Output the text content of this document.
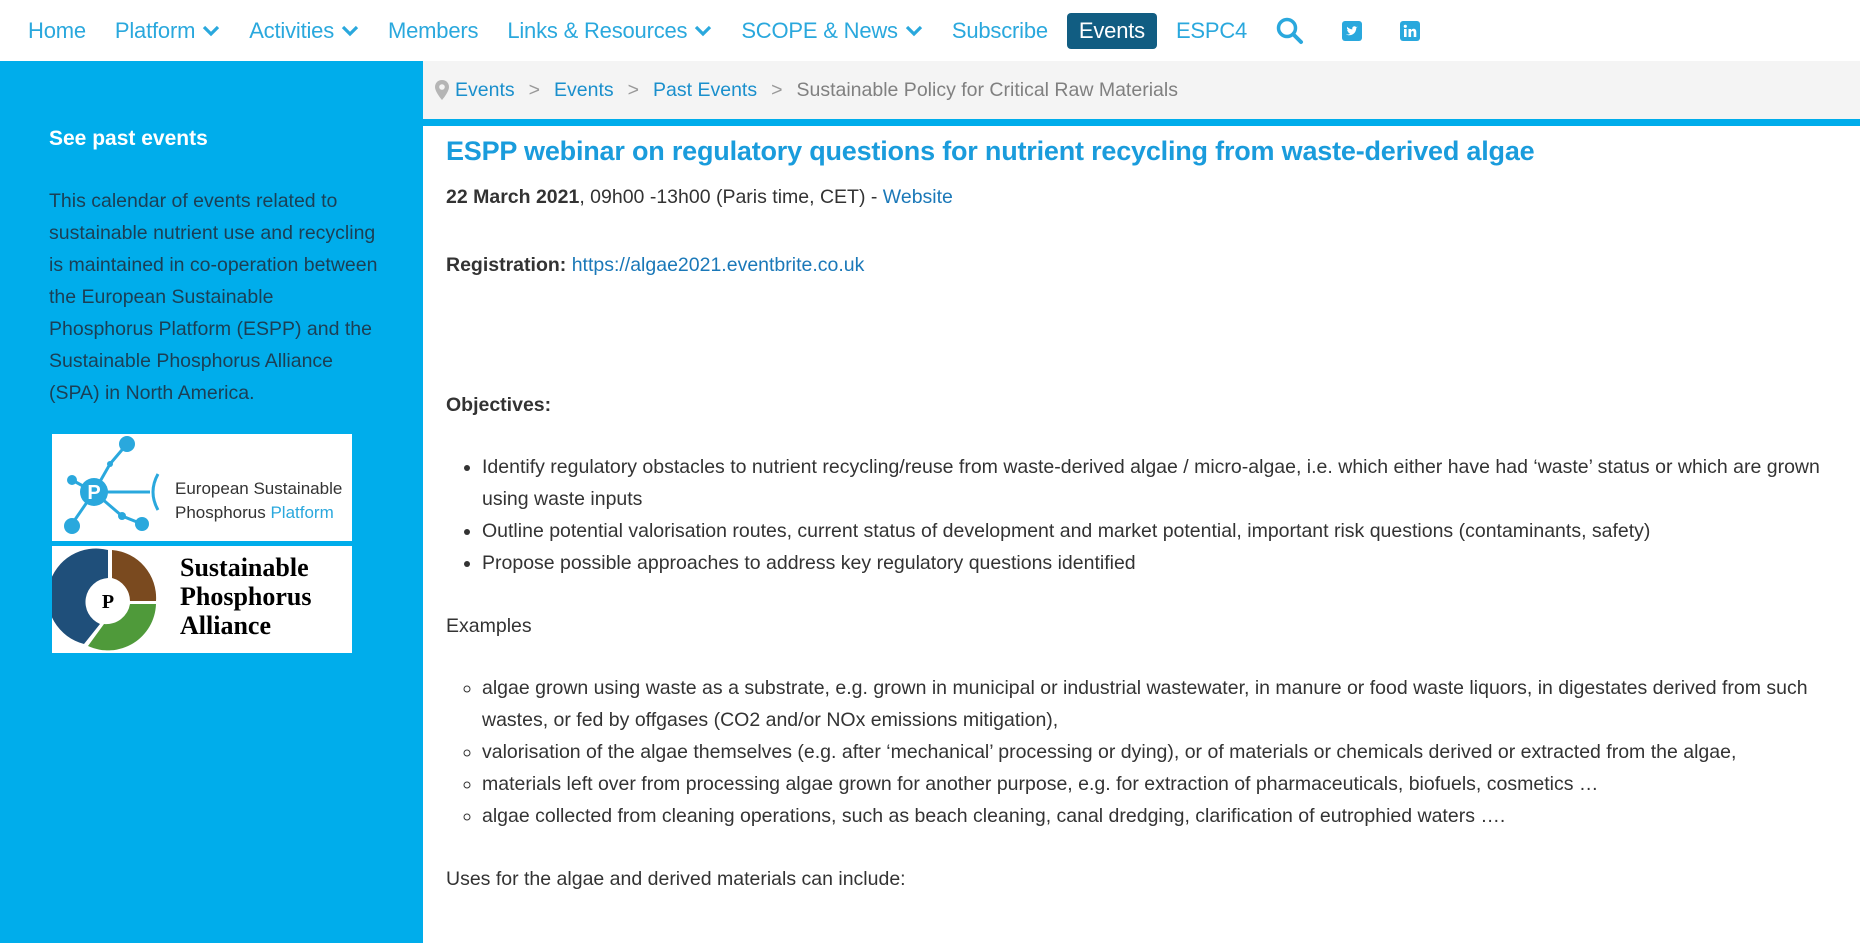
Home Platform Activities Members Links & Resources SCOPE & News Subscribe Events ESPC4
See past events

This calendar of events related to sustainable nutrient use and recycling is maintained in co-operation between the European Sustainable Phosphorus Platform (ESPP) and the Sustainable Phosphorus Alliance (SPA) in North America.

P	European Sustainable
Phosphorus Platform
P
Sustainable
Phosphorus
Alliance
Events > Events > Past Events > Sustainable Policy for Critical Raw Materials
ESPP webinar on regulatory questions for nutrient recycling from waste-derived algae

22 March 2021, 09h00 -13h00 (Paris time, CET) - Website

Registration: https://algae2021.eventbrite.co.uk

Objectives:

• Identify regulatory obstacles to nutrient recycling/reuse from waste-derived algae / micro-algae, i.e. which either have had ‘waste’ status or which are grown using waste inputs
• Outline potential valorisation routes, current status of development and market potential, important risk questions (contaminants, safety)
• Propose possible approaches to address key regulatory questions identified

Examples

◦ algae grown using waste as a substrate, e.g. grown in municipal or industrial wastewater, in manure or food waste liquors, in digestates derived from such wastes, or fed by offgases (CO2 and/or NOx emissions mitigation),
◦ valorisation of the algae themselves (e.g. after ‘mechanical’ processing or dying), or of materials or chemicals derived or extracted from the algae,
◦ materials left over from processing algae grown for another purpose, e.g. for extraction of pharmaceuticals, biofuels, cosmetics …
◦ algae collected from cleaning operations, such as beach cleaning, canal dredging, clarification of eutrophied waters ….

Uses for the algae and derived materials can include:
